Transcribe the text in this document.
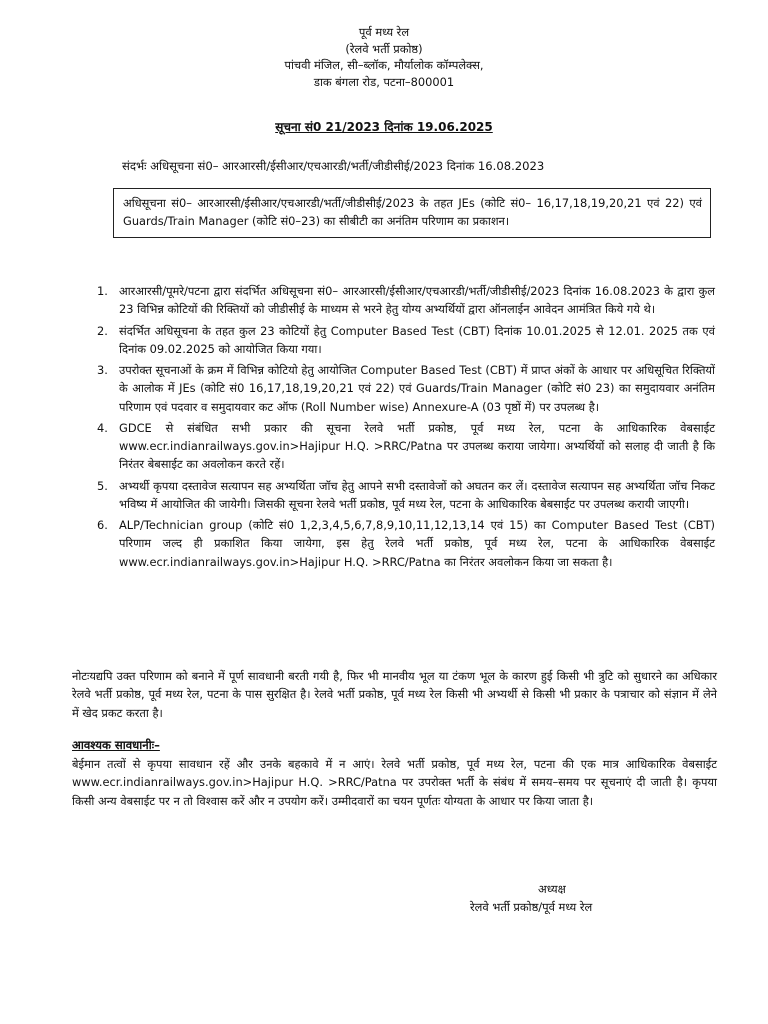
पूर्व मध्य रेल
(रेलवे भर्ती प्रकोष्ठ)
पांचवी मंजिल, सी–ब्लॉक, मौर्यालोक कॉम्पलेक्स,
डाक बंगला रोड, पटना–800001
सूचना सं0 21/2023 दिनांक 19.06.2025
संदर्भः अधिसूचना सं0– आरआरसी/ईसीआर/एचआरडी/भर्ती/जीडीसीई/2023 दिनांक 16.08.2023
अधिसूचना सं0– आरआरसी/ईसीआर/एचआरडी/भर्ती/जीडीसीई/2023 के तहत JEs (कोटि सं0– 16,17,18,19,20,21 एवं 22) एवं Guards/Train Manager (कोटि सं0–23) का सीबीटी का अनंतिम परिणाम का प्रकाशन।
1. आरआरसी/पूमरे/पटना द्वारा संदर्भित अधिसूचना सं0– आरआरसी/ईसीआर/एचआरडी/भर्ती/जीडीसीई/2023 दिनांक 16.08.2023 के द्वारा कुल 23 विभिन्न कोटियों की रिक्तियों को जीडीसीई के माध्यम से भरने हेतु योग्य अभ्यर्थियों द्वारा ऑनलाईन आवेदन आमंत्रित किये गये थे।
2. संदर्भित अधिसूचना के तहत कुल 23 कोटियों हेतु Computer Based Test (CBT) दिनांक 10.01.2025 से 12.01. 2025 तक एवं दिनांक 09.02.2025 को आयोजित किया गया।
3. उपरोक्त सूचनाओं के क्रम में विभिन्न कोटियो हेतु आयोजित Computer Based Test (CBT) में प्राप्त अंकों के आधार पर अधिसूचित रिक्तियों के आलोक में JEs (कोटि सं0 16,17,18,19,20,21 एवं 22) एवं Guards/Train Manager (कोटि सं0 23) का समुदायवार अनंतिम परिणाम एवं पदवार व समुदायवार कट ऑफ (Roll Number wise) Annexure-A (03 पृष्ठों में) पर उपलब्ध है।
4. GDCE से संबंधित सभी प्रकार की सूचना रेलवे भर्ती प्रकोष्ठ, पूर्व मध्य रेल, पटना के आधिकारिक वेबसाईट www.ecr.indianrailways.gov.in>Hajipur H.Q. >RRC/Patna पर उपलब्ध कराया जायेगा। अभ्यर्थियों को सलाह दी जाती है कि निरंतर बेबसाईट का अवलोकन करते रहें।
5. अभ्यर्थी कृपया दस्तावेज सत्यापन सह अभ्यर्थिता जॉच हेतु आपने सभी दस्तावेजों को अघतन कर लें। दस्तावेज सत्यापन सह अभ्यर्थिता जॉच निकट भविष्य में आयोजित की जायेगी। जिसकी सूचना रेलवे भर्ती प्रकोष्ठ, पूर्व मध्य रेल, पटना के आधिकारिक बेबसाईट पर उपलब्ध करायी जाएगी।
6. ALP/Technician group (कोटि सं0 1,2,3,4,5,6,7,8,9,10,11,12,13,14 एवं 15) का Computer Based Test (CBT) परिणाम जल्द ही प्रकाशित किया जायेगा, इस हेतु रेलवे भर्ती प्रकोष्ठ, पूर्व मध्य रेल, पटना के आधिकारिक वेबसाईट www.ecr.indianrailways.gov.in>Hajipur H.Q. >RRC/Patna का निरंतर अवलोकन किया जा सकता है।
नोटःयद्यपि उक्त परिणाम को बनाने में पूर्ण सावधानी बरती गयी है, फिर भी मानवीय भूल या टंकण भूल के कारण हुई किसी भी त्रुटि को सुधारने का अधिकार रेलवे भर्ती प्रकोष्ठ, पूर्व मध्य रेल, पटना के पास सुरक्षित है। रेलवे भर्ती प्रकोष्ठ, पूर्व मध्य रेल किसी भी अभ्यर्थी से किसी भी प्रकार के पत्राचार को संज्ञान में लेने में खेद प्रकट करता है।
आवश्यक सावधानीः–
बेईमान तत्वों से कृपया सावधान रहें और उनके बहकावे में न आएं। रेलवे भर्ती प्रकोष्ठ, पूर्व मध्य रेल, पटना की एक मात्र आधिकारिक वेबसाईट www.ecr.indianrailways.gov.in>Hajipur H.Q. >RRC/Patna पर उपरोक्त भर्ती के संबंध में समय–समय पर सूचनाएं दी जाती है। कृपया किसी अन्य वेबसाईट पर न तो विश्वास करें और न उपयोग करें। उम्मीदवारों का चयन पूर्णतः योग्यता के आधार पर किया जाता है।
अध्यक्ष
रेलवे भर्ती प्रकोष्ठ/पूर्व मध्य रेल
